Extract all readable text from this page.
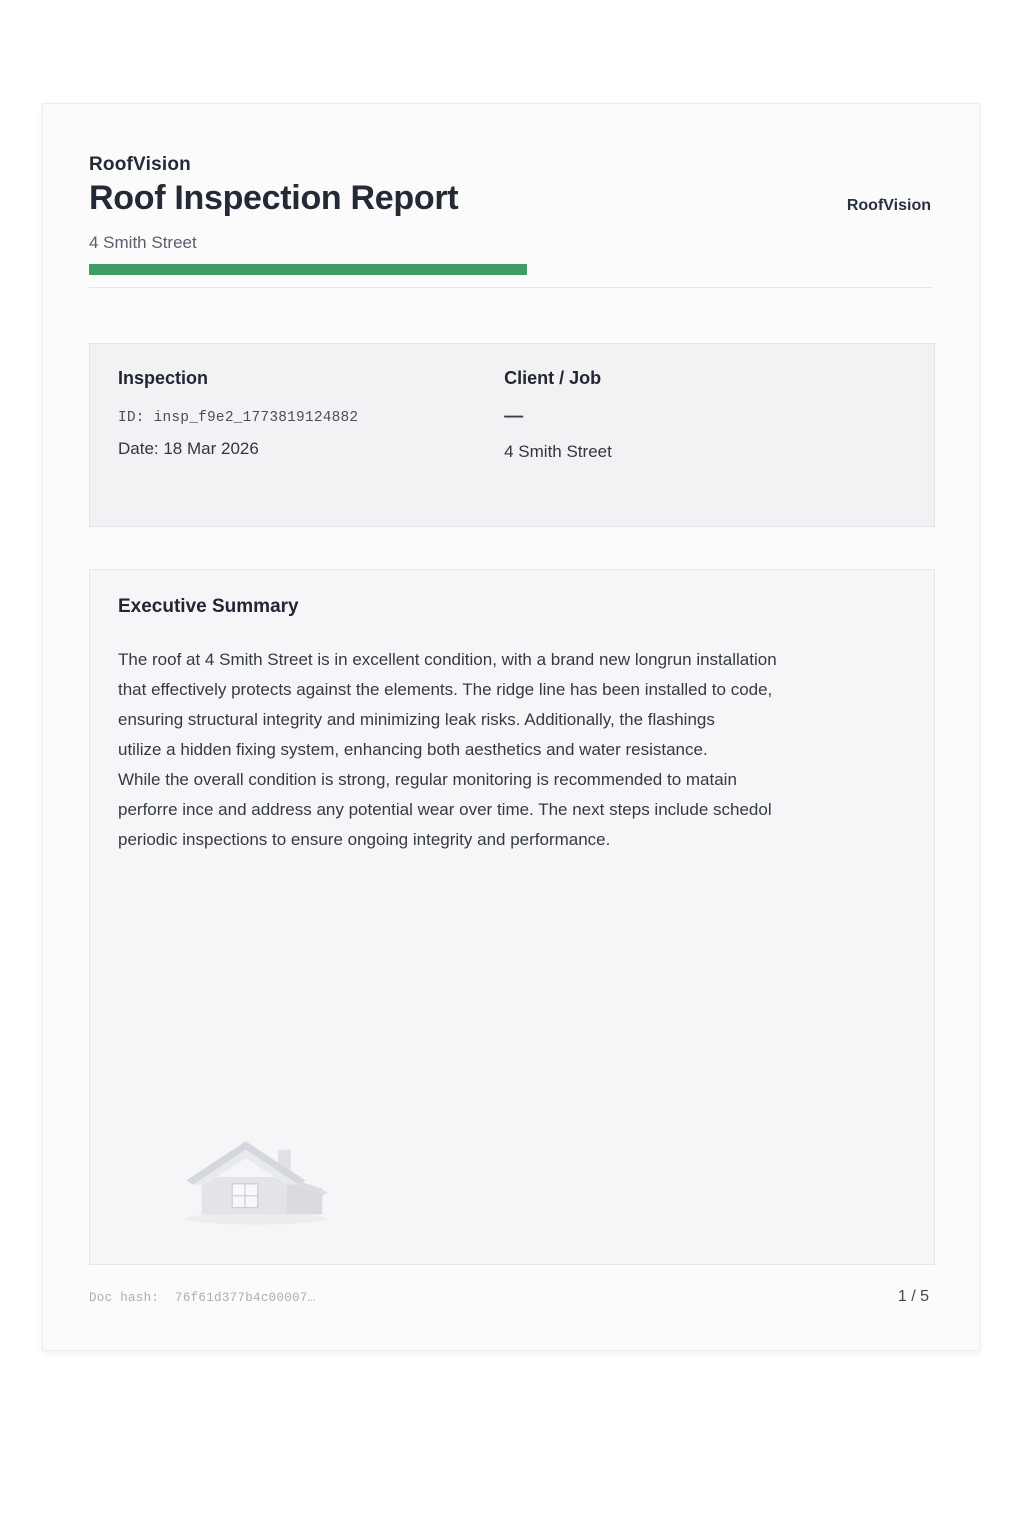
RoofVision
Roof Inspection Report	RoofVision
4 Smith Street
Inspection
ID: insp_f9e2_1773819124882
Date: 18 Mar 2026
Client / Job
—
4 Smith Street
Executive Summary
The roof at 4 Smith Street is in excellent condition, with a brand new longrun installation
that effectively protects against the elements. The ridge line has been installed to code,
ensuring structural integrity and minimizing leak risks. Additionally, the flashings
utilize a hidden fixing system, enhancing both aesthetics and water resistance.
While the overall condition is strong, regular monitoring is recommended to matain
perforre ince and address any potential wear over time. The next steps include schedol
periodic inspections to ensure ongoing integrity and performance.
Doc hash: 76f61d377b4c00007…	1 / 5
